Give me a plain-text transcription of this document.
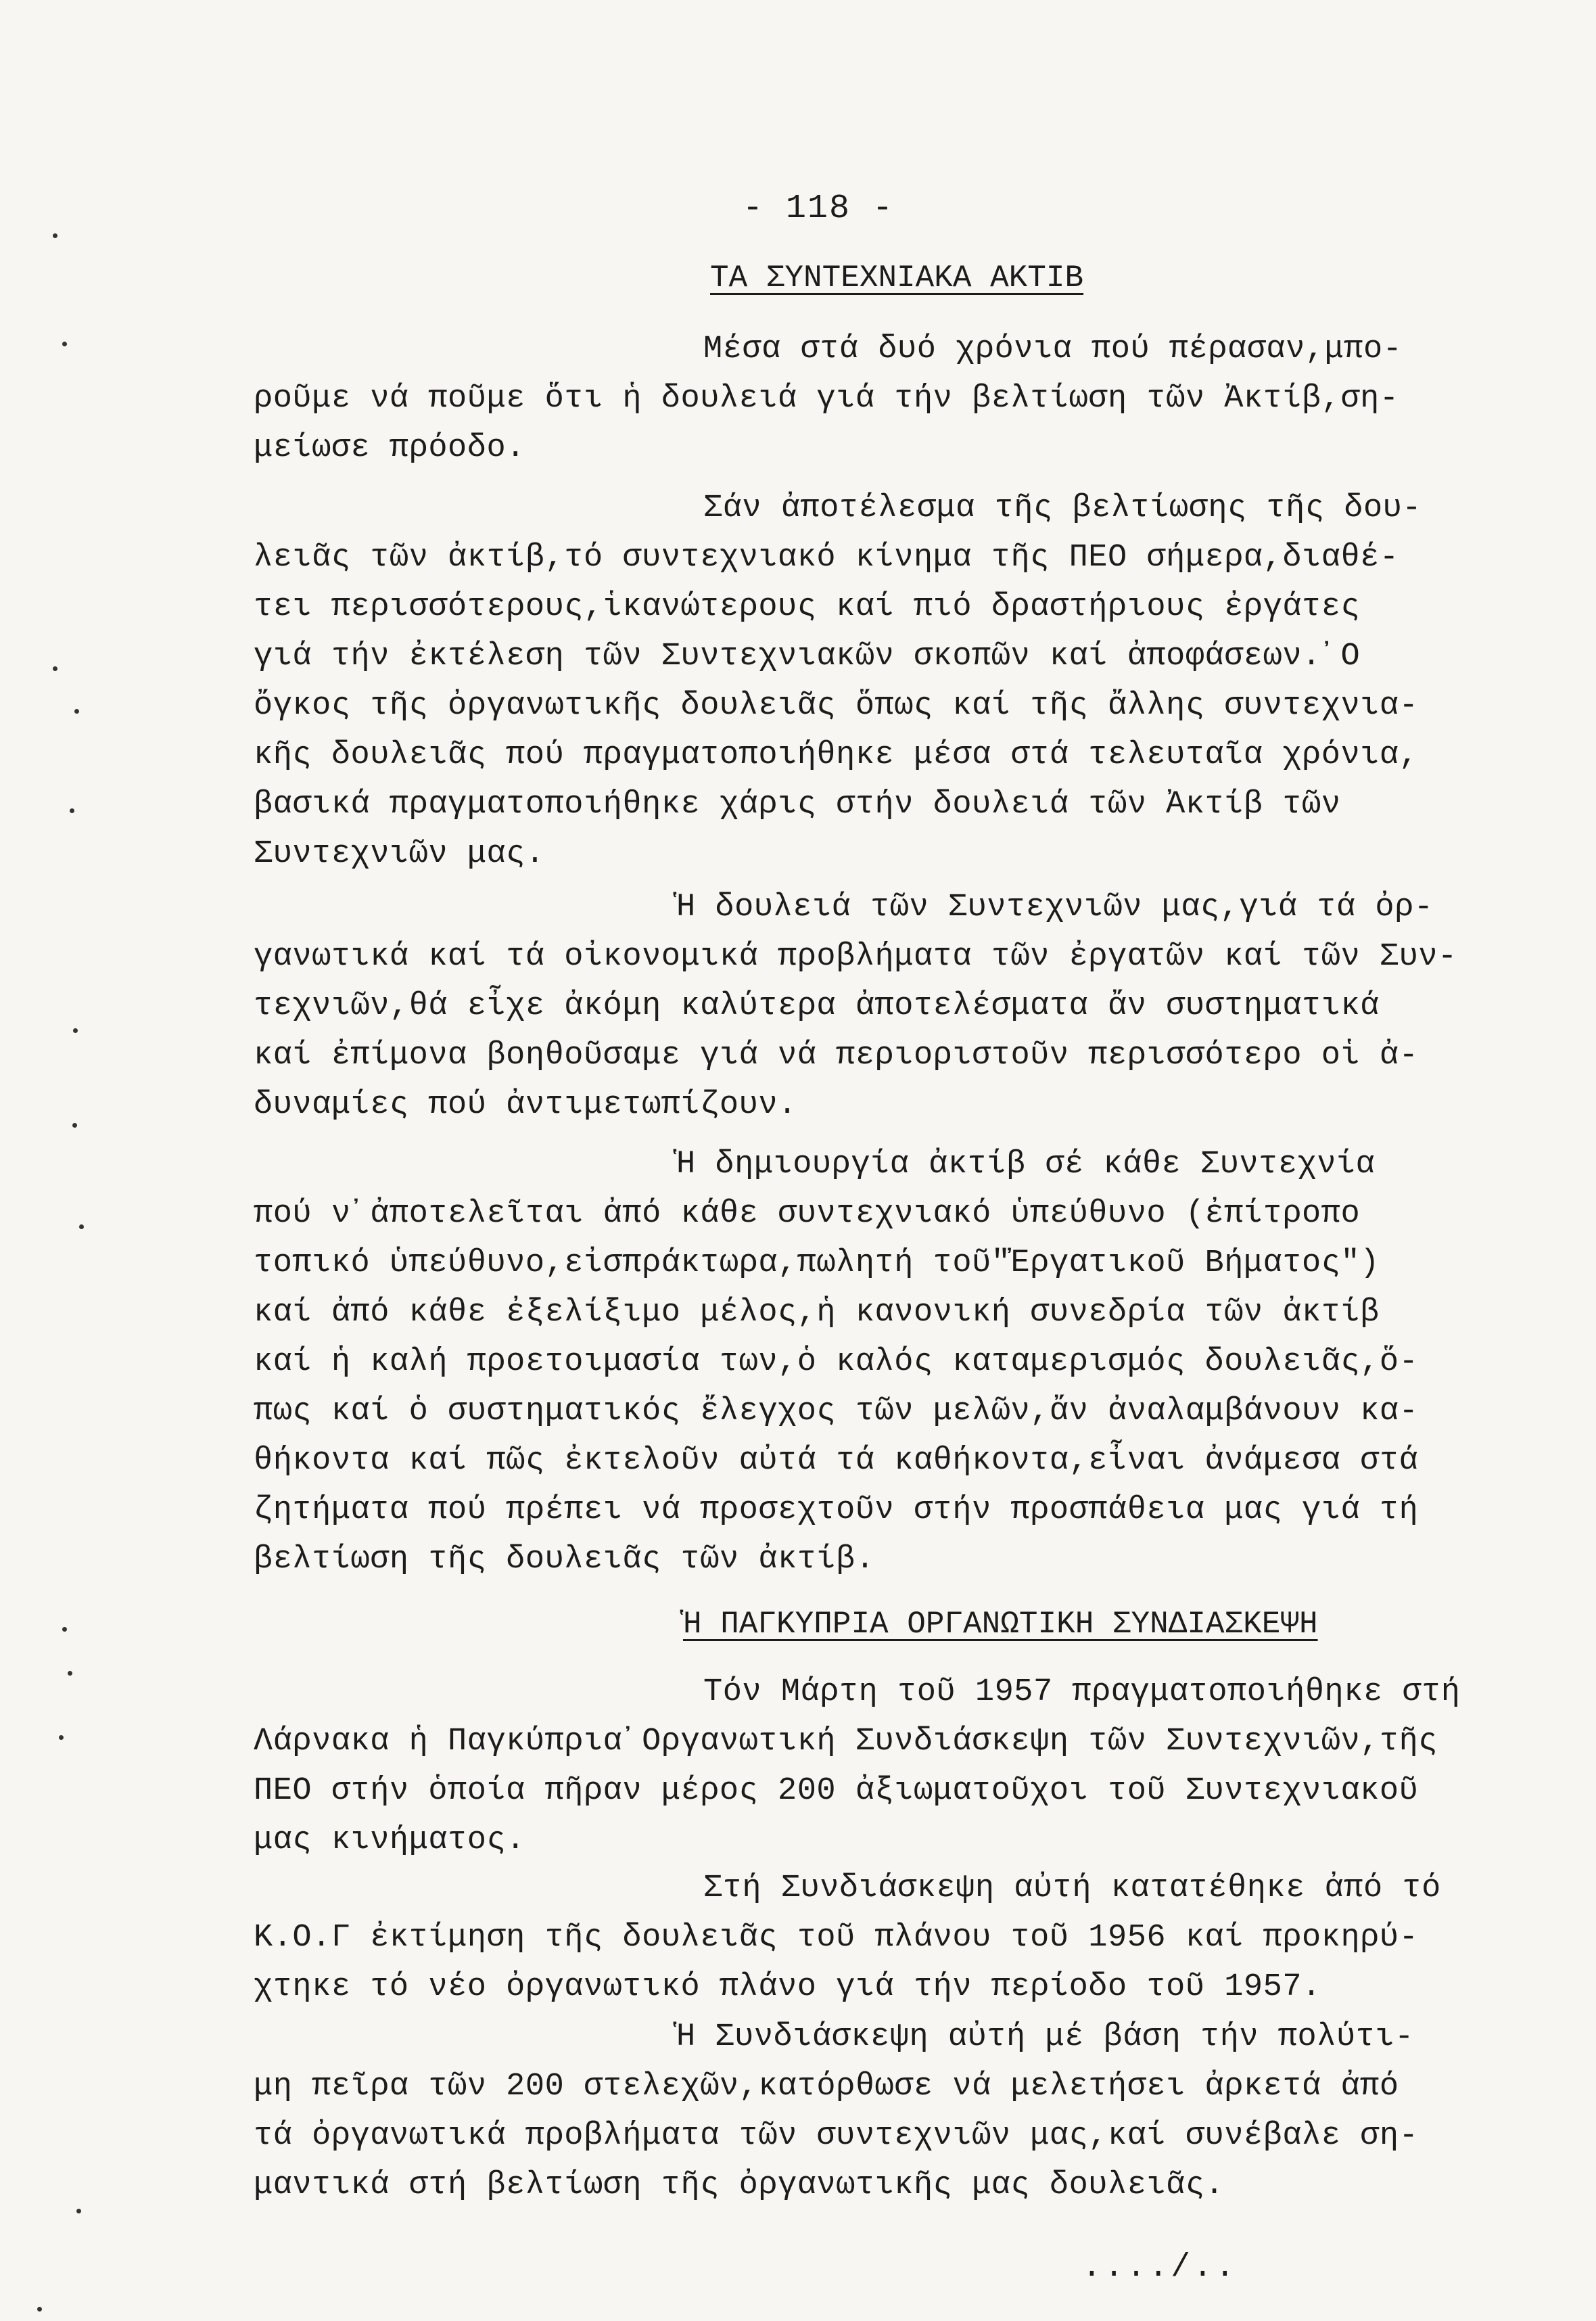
- 118 -
ΤΑ ΣΥΝΤΕΧΝΙΑΚΑ ΑΚΤΙΒ
Μέσα στά δυό χρόνια πού πέρασαν,μπο-
ροῦμε νά ποῦμε ὅτι ἡ δουλειά γιά τήν βελτίωση τῶν Ἀκτίβ,ση-
μείωσε πρόοδο.
Σάν ἀποτέλεσμα τῆς βελτίωσης τῆς δου-
λειᾶς τῶν ἀκτίβ,τό συντεχνιακό κίνημα τῆς ΠΕΟ σήμερα,διαθέ-
τει περισσότερους,ἱκανώτερους καί πιό δραστήριους ἐργάτες
γιά τήν ἐκτέλεση τῶν Συντεχνιακῶν σκοπῶν καί ἀποφάσεων.᾿Ο
ὄγκος τῆς ὀργανωτικῆς δουλειᾶς ὅπως καί τῆς ἄλλης συντεχνια-
κῆς δουλειᾶς πού πραγματοποιήθηκε μέσα στά τελευταῖα χρόνια,
βασικά πραγματοποιήθηκε χάρις στήν δουλειά τῶν Ἀκτίβ τῶν
Συντεχνιῶν μας.
Ἡ δουλειά τῶν Συντεχνιῶν μας,γιά τά ὀρ-
γανωτικά καί τά οἰκονομικά προβλήματα τῶν ἐργατῶν καί τῶν Συν-
τεχνιῶν,θά εἶχε ἀκόμη καλύτερα ἀποτελέσματα ἄν συστηματικά
καί ἐπίμονα βοηθοῦσαμε γιά νά περιοριστοῦν περισσότερο οἱ ἀ-
δυναμίες πού ἀντιμετωπίζουν.
Ἡ δημιουργία ἀκτίβ σέ κάθε Συντεχνία
πού ν᾿ἀποτελεῖται ἀπό κάθε συντεχνιακό ὑπεύθυνο (ἐπίτροπο
τοπικό ὑπεύθυνο,εἰσπράκτωρα,πωλητή τοῦ"Ἐργατικοῦ Βήματος")
καί ἀπό κάθε ἐξελίξιμο μέλος,ἡ κανονική συνεδρία τῶν ἀκτίβ
καί ἡ καλή προετοιμασία των,ὁ καλός καταμερισμός δουλειᾶς,ὅ-
πως καί ὁ συστηματικός ἔλεγχος τῶν μελῶν,ἄν ἀναλαμβάνουν κα-
θήκοντα καί πῶς ἐκτελοῦν αὐτά τά καθήκοντα,εἶναι ἀνάμεσα στά
ζητήματα πού πρέπει νά προσεχτοῦν στήν προσπάθεια μας γιά τή
βελτίωση τῆς δουλειᾶς τῶν ἀκτίβ.
Ἡ ΠΑΓΚΥΠΡΙΑ ΟΡΓΑΝΩΤΙΚΗ ΣΥΝΔΙΑΣΚΕΨΗ
Τόν Μάρτη τοῦ 1957 πραγματοποιήθηκε στή
Λάρνακα ἡ Παγκύπρια᾿Οργανωτική Συνδιάσκεψη τῶν Συντεχνιῶν,τῆς
ΠΕΟ στήν ὁποία πῆραν μέρος 200 ἀξιωματοῦχοι τοῦ Συντεχνιακοῦ
μας κινήματος.
Στή Συνδιάσκεψη αὐτή κατατέθηκε ἀπό τό
Κ.Ο.Γ ἐκτίμηση τῆς δουλειᾶς τοῦ πλάνου τοῦ 1956 καί προκηρύ-
χτηκε τό νέο ὀργανωτικό πλάνο γιά τήν περίοδο τοῦ 1957.
Ἡ Συνδιάσκεψη αὐτή μέ βάση τήν πολύτι-
μη πεῖρα τῶν 200 στελεχῶν,κατόρθωσε νά μελετήσει ἀρκετά ἀπό
τά ὀργανωτικά προβλήματα τῶν συντεχνιῶν μας,καί συνέβαλε ση-
μαντικά στή βελτίωση τῆς ὀργανωτικῆς μας δουλειᾶς.
..../..
